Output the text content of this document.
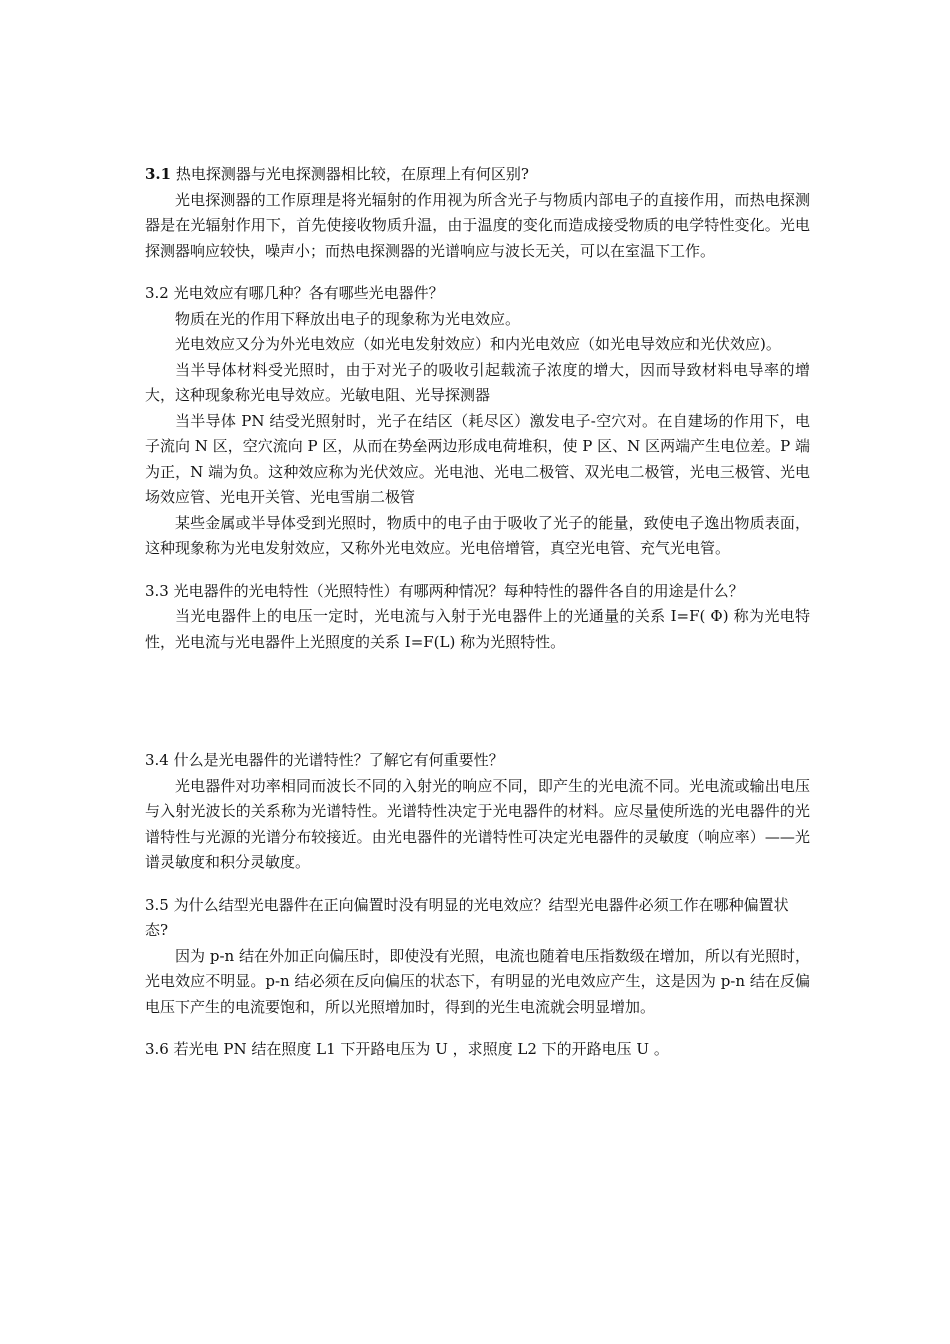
3.1 热电探测器与光电探测器相比较，在原理上有何区别?

光电探测器的工作原理是将光辐射的作用视为所含光子与物质内部电子的直接作用，而热电探测器是在光辐射作用下，首先使接收物质升温，由于温度的变化而造成接受物质的电学特性变化。光电探测器响应较快，噪声小；而热电探测器的光谱响应与波长无关，可以在室温下工作。

3.2 光电效应有哪几种？各有哪些光电器件？

物质在光的作用下释放出电子的现象称为光电效应。

光电效应又分为外光电效应（如光电发射效应）和内光电效应（如光电导效应和光伏效应)。

当半导体材料受光照时，由于对光子的吸收引起载流子浓度的增大，因而导致材料电导率的增大，这种现象称光电导效应。光敏电阻、光导探测器

当半导体 PN 结受光照射时，光子在结区（耗尽区）激发电子-空穴对。在自建场的作用下，电子流向 N 区，空穴流向 P 区，从而在势垒两边形成电荷堆积，使 P 区、N 区两端产生电位差。P 端为正，N 端为负。这种效应称为光伏效应。光电池、光电二极管、双光电二极管，光电三极管、光电场效应管、光电开关管、光电雪崩二极管

某些金属或半导体受到光照时，物质中的电子由于吸收了光子的能量，致使电子逸出物质表面，这种现象称为光电发射效应，又称外光电效应。光电倍增管，真空光电管、充气光电管。

3.3 光电器件的光电特性（光照特性）有哪两种情况？每种特性的器件各自的用途是什么？

当光电器件上的电压一定时，光电流与入射于光电器件上的光通量的关系 I=F( Φ) 称为光电特性，光电流与光电器件上光照度的关系 I=F(L) 称为光照特性。

3.4 什么是光电器件的光谱特性？了解它有何重要性？

光电器件对功率相同而波长不同的入射光的响应不同，即产生的光电流不同。光电流或输出电压与入射光波长的关系称为光谱特性。光谱特性决定于光电器件的材料。应尽量使所选的光电器件的光谱特性与光源的光谱分布较接近。由光电器件的光谱特性可决定光电器件的灵敏度（响应率）——光谱灵敏度和积分灵敏度。

3.5 为什么结型光电器件在正向偏置时没有明显的光电效应？结型光电器件必须工作在哪种偏置状态?

因为 p-n 结在外加正向偏压时，即使没有光照，电流也随着电压指数级在增加，所以有光照时，光电效应不明显。p-n 结必须在反向偏压的状态下，有明显的光电效应产生，这是因为 p-n 结在反偏电压下产生的电流要饱和，所以光照增加时，得到的光生电流就会明显增加。

3.6 若光电 PN 结在照度 L1 下开路电压为 U ，求照度 L2 下的开路电压 U 。
